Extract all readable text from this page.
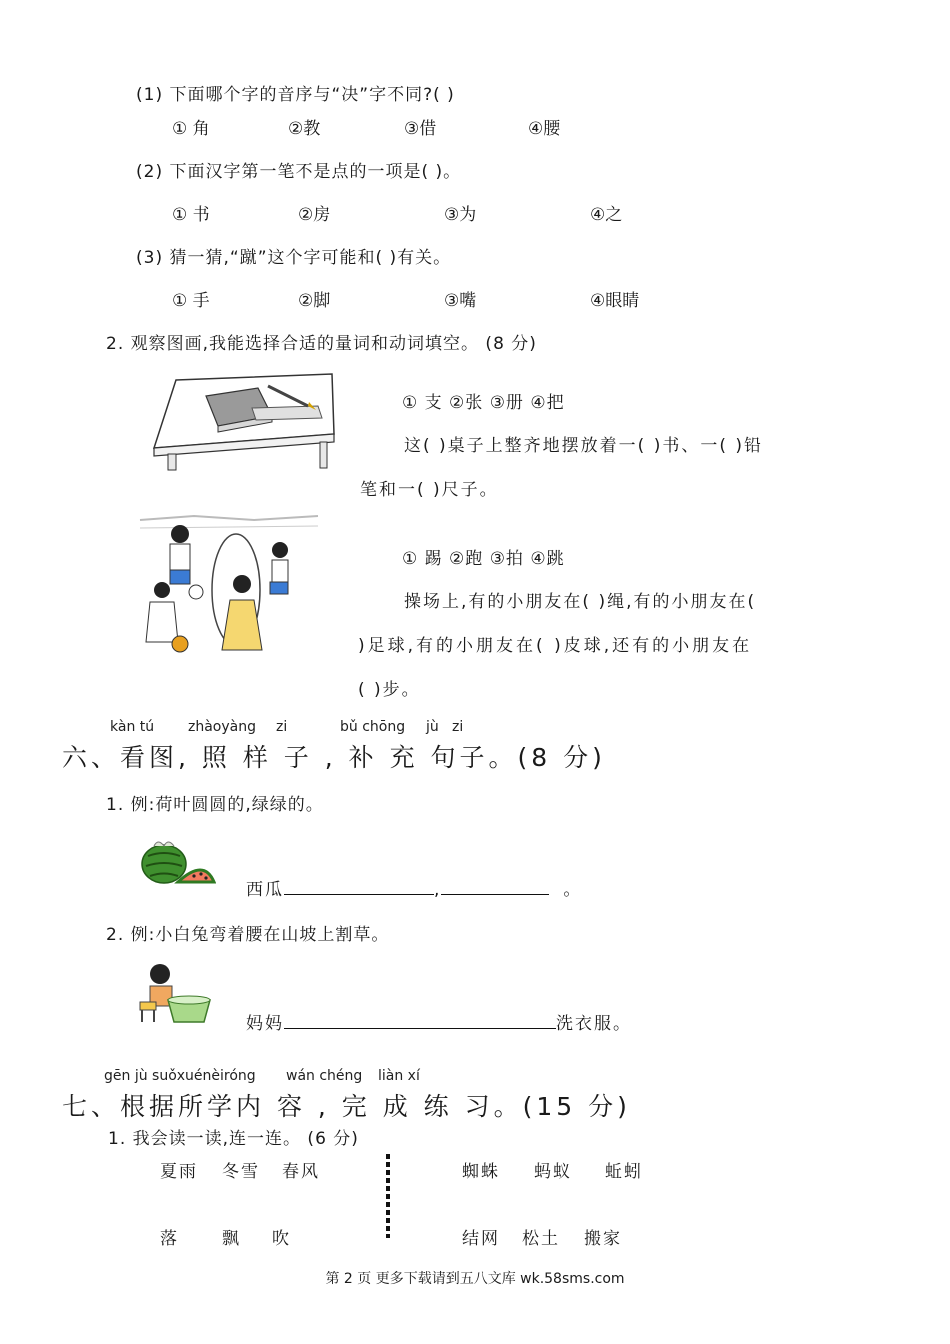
(1) 下面哪个字的音序与“决”字不同?( )
① 角	②教	③借	④腰
(2) 下面汉字第一笔不是点的一项是( )。
① 书	②房	③为	④之
(3) 猜一猜,“蹴”这个字可能和( )有关。
① 手	②脚	③嘴	④眼睛
2. 观察图画,我能选择合适的量词和动词填空。 (8 分)
① 支 ②张 ③册 ④把
这( )桌子上整齐地摆放着一( )书、一( )铅
笔和一( )尺子。
① 踢 ②跑 ③拍 ④跳
操场上,有的小朋友在( )绳,有的小朋友在(
)足球,有的小朋友在( )皮球,还有的小朋友在
( )步。
kàn tú zhàoyàng zi	bǔ chōng jù zi
六、看图, 照 样 子 , 补 充 句子。(8 分)
1. 例:荷叶圆圆的,绿绿的。
西瓜	,	。
2. 例:小白兔弯着腰在山坡上割草。
妈妈	洗衣服。
gēn jù suǒxuénèiróng wán chéng liàn xí
七、根据所学内 容 , 完 成 练 习。(15 分)
1. 我会读一读,连一连。 (6 分)
夏雨 冬雪 春风
落	飘 吹
蜘蛛 蚂蚁 蚯蚓
结网 松土 搬家
第 2 页 更多下载请到五八文库 wk.58sms.com
